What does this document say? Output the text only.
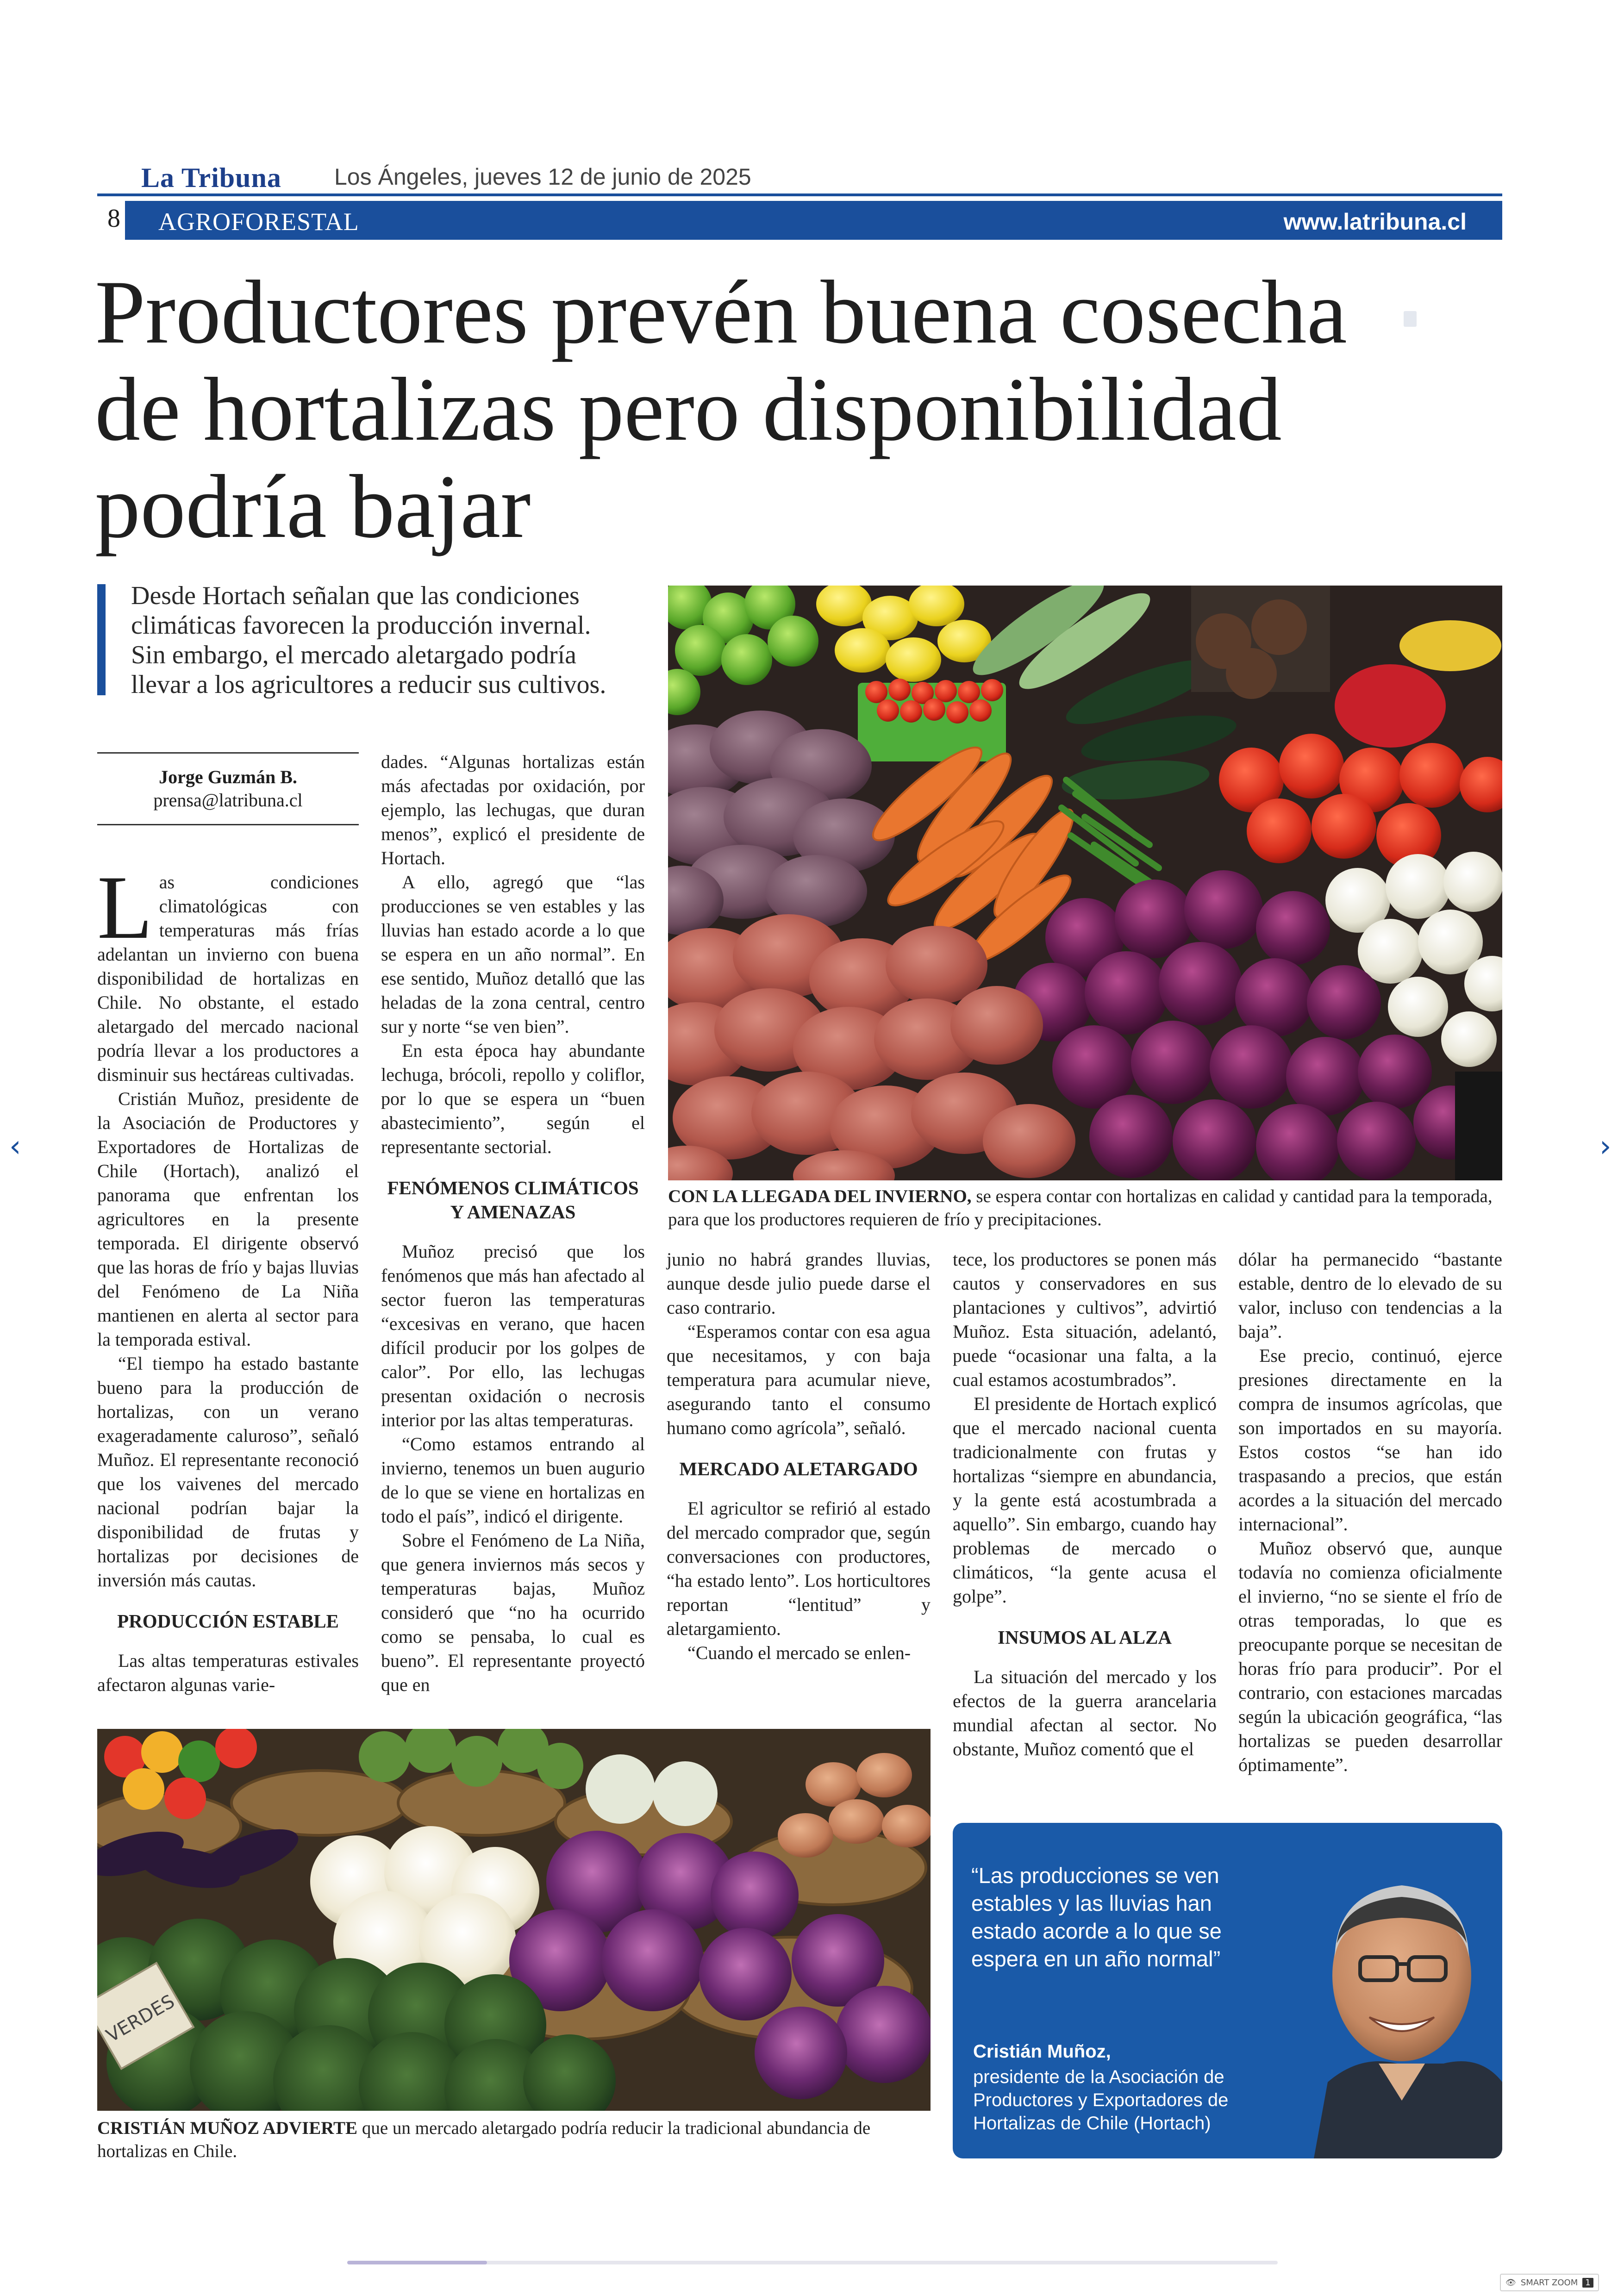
La Tribuna Los Ángeles, jueves 12 de junio de 2025
8 AGROFORESTAL	www.latribuna.cl
Productores prevén buena cosecha
de hortalizas pero disponibilidad
podría bajar
Desde Hortach señalan que las condiciones
climáticas favorecen la producción invernal.
Sin embargo, el mercado aletargado podría
llevar a los agricultores a reducir sus cultivos.
Jorge Guzmán B.
prensa@latribuna.cl

Las condiciones climatológicas con temperaturas más frías adelantan un invierno con buena disponibilidad de hortalizas en Chile. No obstante, el estado aletargado del mercado nacional podría llevar a los productores a disminuir sus hectáreas cultivadas.

Cristián Muñoz, presidente de la Asociación de Productores y Exportadores de Hortalizas de Chile (Hortach), analizó el panorama que enfrentan los agricultores en la presente temporada. El dirigente observó que las horas de frío y bajas lluvias del Fenómeno de La Niña mantienen en alerta al sector para la temporada estival.

“El tiempo ha estado bastante bueno para la producción de hortalizas, con un verano exageradamente caluroso”, señaló Muñoz. El representante reconoció que los vaivenes del mercado nacional podrían bajar la disponibilidad de frutas y hortalizas por decisiones de inversión más cautas.

PRODUCCIÓN ESTABLE

Las altas temperaturas estivales afectaron algunas varie-

dades. “Algunas hortalizas están más afectadas por oxidación, por ejemplo, las lechugas, que duran menos”, explicó el presidente de Hortach.

A ello, agregó que “las producciones se ven estables y las lluvias han estado acorde a lo que se espera en un año normal”. En ese sentido, Muñoz detalló que las heladas de la zona central, centro sur y norte “se ven bien”.

En esta época hay abundante lechuga, brócoli, repollo y coliflor, por lo que se espera un “buen abastecimiento”, según el representante sectorial.

FENÓMENOS CLIMÁTICOS Y AMENAZAS

Muñoz precisó que los fenómenos que más han afectado al sector fueron las temperaturas “excesivas en verano, que hacen difícil producir por los golpes de calor”. Por ello, las lechugas presentan oxidación o necrosis interior por las altas temperaturas.

“Como estamos entrando al invierno, tenemos un buen augurio de lo que se viene en hortalizas en todo el país”, indicó el dirigente.

Sobre el Fenómeno de La Niña, que genera inviernos más secos y temperaturas bajas, Muñoz consideró que “no ha ocurrido como se pensaba, lo cual es bueno”. El representante proyectó que en

CON LA LLEGADA DEL INVIERNO, se espera contar con hortalizas en calidad y cantidad para la temporada, para que los productores requieren de frío y precipitaciones.

junio no habrá grandes lluvias, aunque desde julio puede darse el caso contrario.

“Esperamos contar con esa agua que necesitamos, y con baja temperatura para acumular nieve, asegurando tanto el consumo humano como agrícola”, señaló.

MERCADO ALETARGADO

El agricultor se refirió al estado del mercado comprador que, según conversaciones con productores, “ha estado lento”. Los horticultores reportan “lentitud” y aletargamiento.

“Cuando el mercado se enlen-

tece, los productores se ponen más cautos y conservadores en sus plantaciones y cultivos”, advirtió Muñoz. Esta situación, adelantó, puede “ocasionar una falta, a la cual estamos acostumbrados”.

El presidente de Hortach explicó que el mercado nacional cuenta tradicionalmente con frutas y hortalizas “siempre en abundancia, y la gente está acostumbrada a aquello”. Sin embargo, cuando hay problemas de mercado o climáticos, “la gente acusa el golpe”.

INSUMOS AL ALZA

La situación del mercado y los efectos de la guerra arancelaria mundial afectan al sector. No obstante, Muñoz comentó que el

dólar ha permanecido “bastante estable, dentro de lo elevado de su valor, incluso con tendencias a la baja”.

Ese precio, continuó, ejerce presiones directamente en la compra de insumos agrícolas, que son importados en su mayoría. Estos costos “se han ido traspasando a precios, que están acordes a la situación del mercado internacional”.

Muñoz observó que, aunque todavía no comienza oficialmente el invierno, “no se siente el frío de otras temporadas, lo que es preocupante porque se necesitan de horas frío para producir”. Por el contrario, con estaciones marcadas según la ubicación geográfica, “las hortalizas se pueden desarrollar óptimamente”.

VERDES
CRISTIÁN MUÑOZ ADVIERTE que un mercado aletargado podría reducir la tradicional abundancia de hortalizas en Chile.
“Las producciones se ven estables y las lluvias han estado acorde a lo que se espera en un año normal”
Cristián Muñoz,
presidente de la Asociación de Productores y Exportadores de Hortalizas de Chile (Hortach)
‹	›
👁 SMART ZOOM 1
